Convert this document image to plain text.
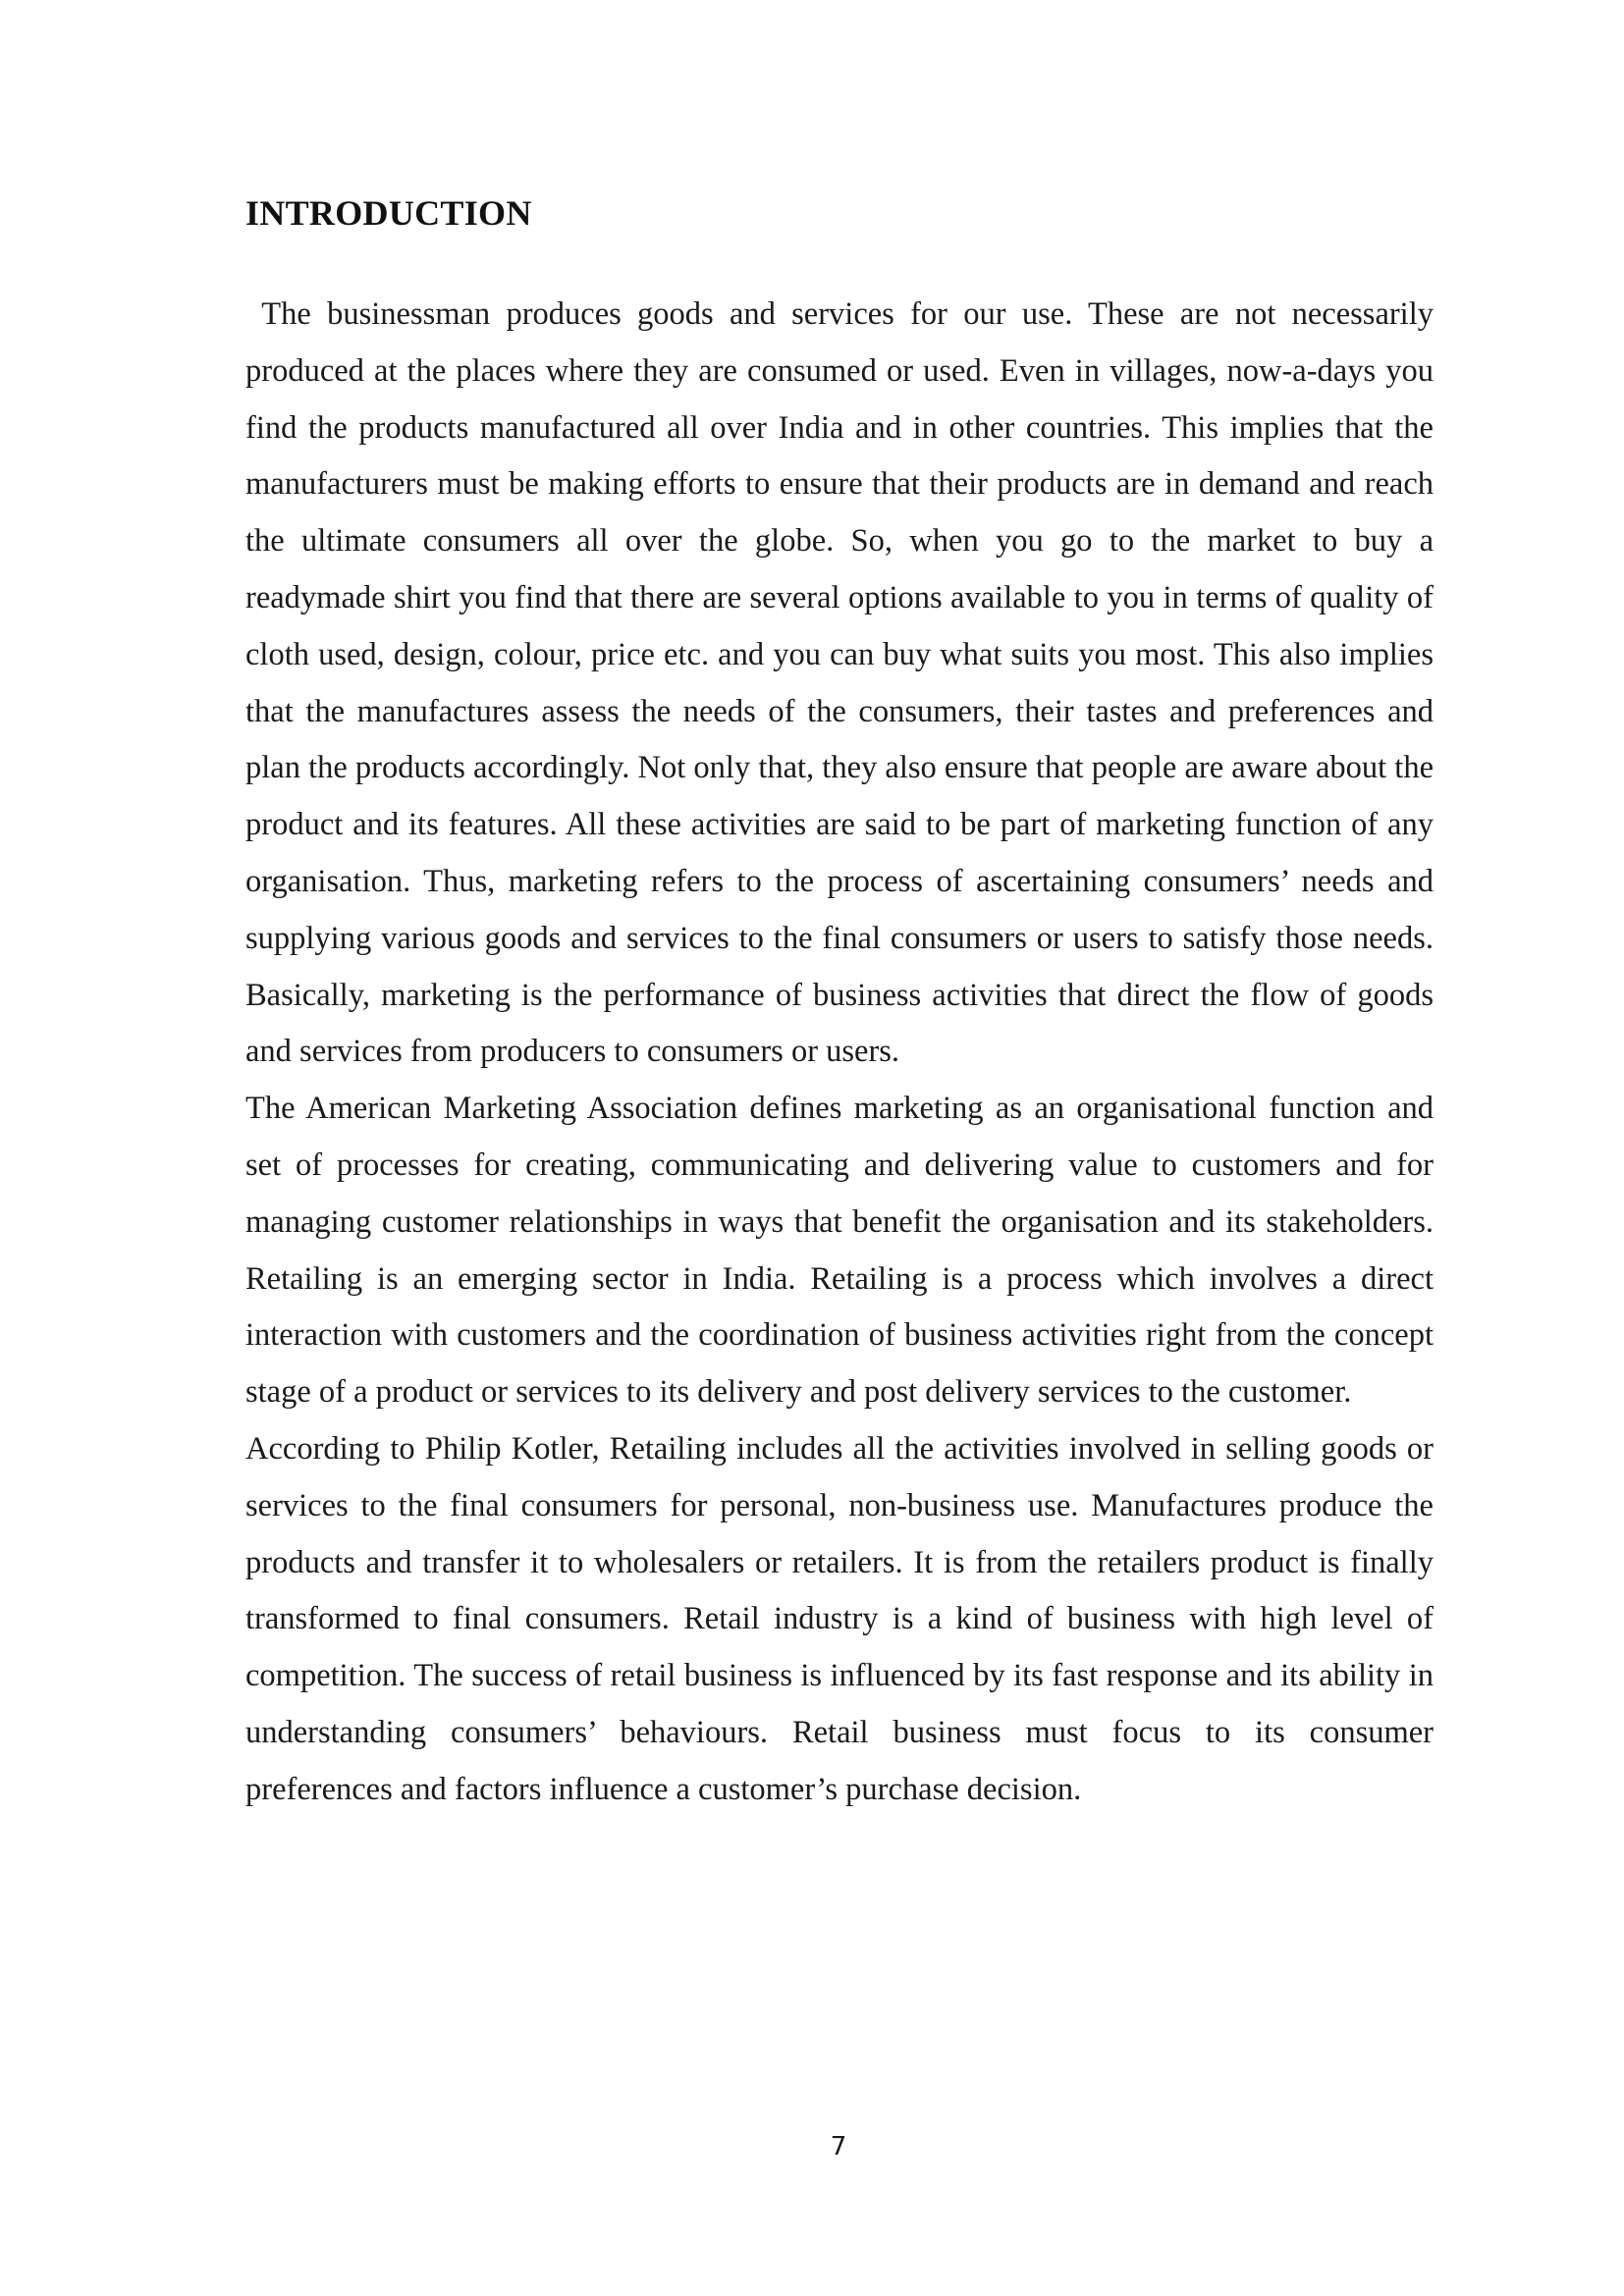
INTRODUCTION

The businessman produces goods and services for our use. These are not necessarily produced at the places where they are consumed or used. Even in villages, now-a-days you find the products manufactured all over India and in other countries. This implies that the manufacturers must be making efforts to ensure that their products are in demand and reach the ultimate consumers all over the globe. So, when you go to the market to buy a readymade shirt you find that there are several options available to you in terms of quality of cloth used, design, colour, price etc. and you can buy what suits you most. This also implies that the manufactures assess the needs of the consumers, their tastes and preferences and plan the products accordingly. Not only that, they also ensure that people are aware about the product and its features. All these activities are said to be part of marketing function of any organisation. Thus, marketing refers to the process of ascertaining consumers’ needs and supplying various goods and services to the final consumers or users to satisfy those needs. Basically, marketing is the performance of business activities that direct the flow of goods and services from producers to consumers or users.

The American Marketing Association defines marketing as an organisational function and set of processes for creating, communicating and delivering value to customers and for managing customer relationships in ways that benefit the organisation and its stakeholders. Retailing is an emerging sector in India. Retailing is a process which involves a direct interaction with customers and the coordination of business activities right from the concept stage of a product or services to its delivery and post delivery services to the customer.

According to Philip Kotler, Retailing includes all the activities involved in selling goods or services to the final consumers for personal, non-business use. Manufactures produce the products and transfer it to wholesalers or retailers. It is from the retailers product is finally transformed to final consumers. Retail industry is a kind of business with high level of competition. The success of retail business is influenced by its fast response and its ability in understanding consumers’ behaviours. Retail business must focus to its consumer preferences and factors influence a customer’s purchase decision.

7
